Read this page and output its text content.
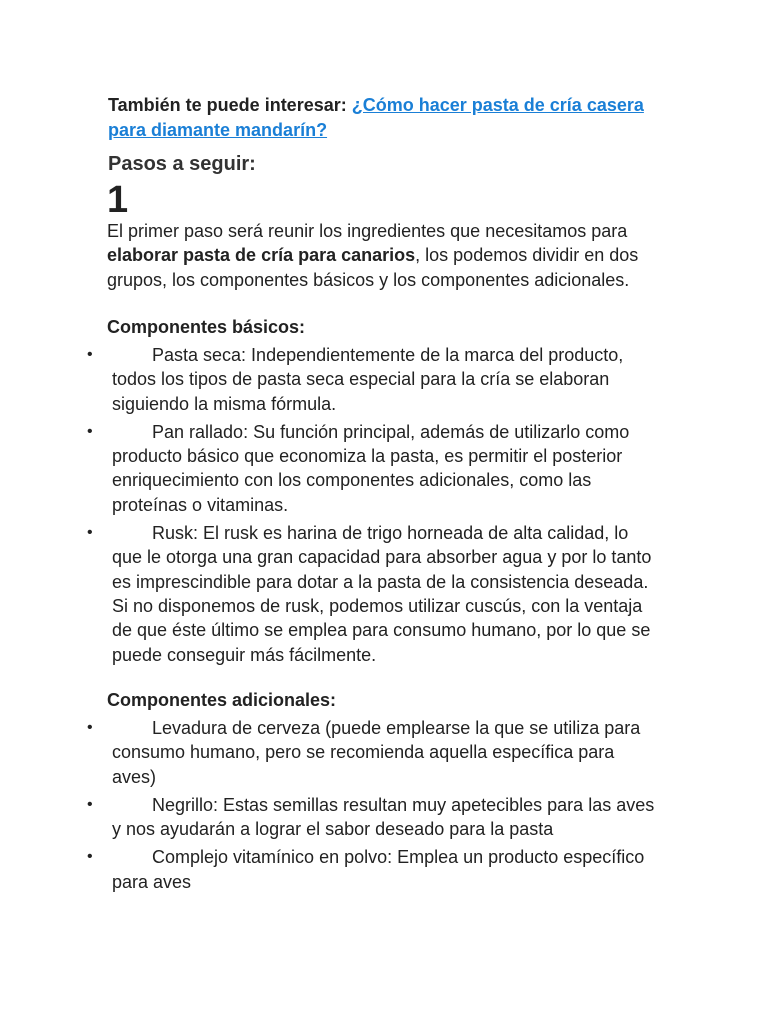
También te puede interesar: ¿Cómo hacer pasta de cría casera para diamante mandarín?
Pasos a seguir:
1
El primer paso será reunir los ingredientes que necesitamos para elaborar pasta de cría para canarios, los podemos dividir en dos grupos, los componentes básicos y los componentes adicionales.
Componentes básicos:
•	Pasta seca: Independientemente de la marca del producto, todos los tipos de pasta seca especial para la cría se elaboran siguiendo la misma fórmula.
•	Pan rallado: Su función principal, además de utilizarlo como producto básico que economiza la pasta, es permitir el posterior enriquecimiento con los componentes adicionales, como las proteínas o vitaminas.
•	Rusk: El rusk es harina de trigo horneada de alta calidad, lo que le otorga una gran capacidad para absorber agua y por lo tanto es imprescindible para dotar a la pasta de la consistencia deseada. Si no disponemos de rusk, podemos utilizar cuscús, con la ventaja de que éste último se emplea para consumo humano, por lo que se puede conseguir más fácilmente.
Componentes adicionales:
•	Levadura de cerveza (puede emplearse la que se utiliza para consumo humano, pero se recomienda aquella específica para aves)
•	Negrillo: Estas semillas resultan muy apetecibles para las aves y nos ayudarán a lograr el sabor deseado para la pasta
•	Complejo vitamínico en polvo: Emplea un producto específico para aves
